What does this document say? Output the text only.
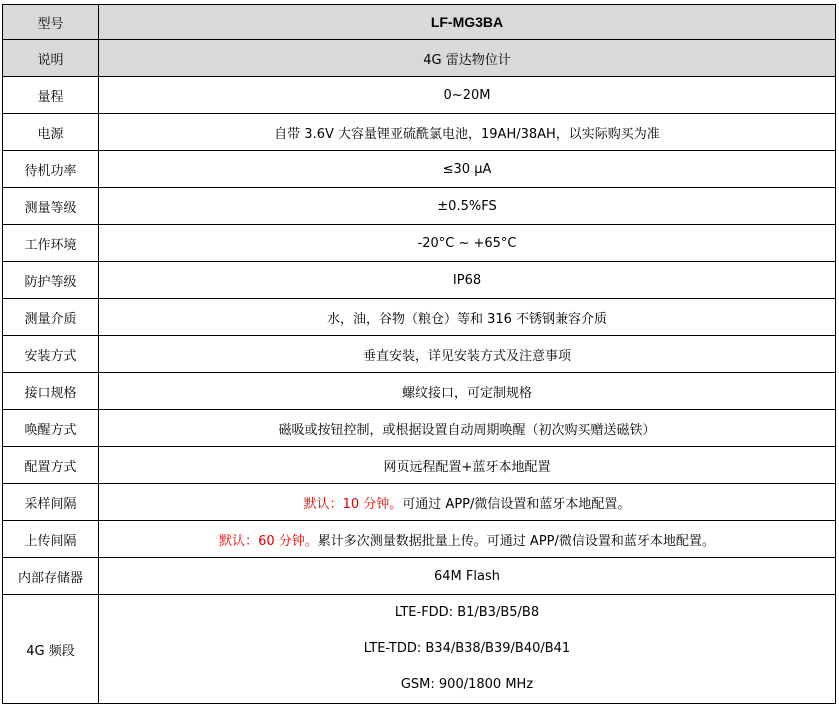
型号	LF-MG3BA
说明	4G 雷达物位计
量程	0~20M
电源	自带 3.6V 大容量锂亚硫酰氯电池，19AH/38AH，以实际购买为准
待机功率	≤30 μA
测量等级	±0.5%FS
工作环境	-20°C ~ +65°C
防护等级	IP68
测量介质	水，油，谷物（粮仓）等和 316 不锈钢兼容介质
安装方式	垂直安装，详见安装方式及注意事项
接口规格	螺纹接口，可定制规格
唤醒方式	磁吸或按钮控制，或根据设置自动周期唤醒（初次购买赠送磁铁）
配置方式	网页远程配置+蓝牙本地配置
采样间隔	默认：10 分钟。可通过 APP/微信设置和蓝牙本地配置。
上传间隔	默认：60 分钟。累计多次测量数据批量上传。可通过 APP/微信设置和蓝牙本地配置。
内部存储器	64M Flash
4G 频段	LTE-FDD: B1/B3/B5/B8
LTE-TDD: B34/B38/B39/B40/B41
GSM: 900/1800 MHz
